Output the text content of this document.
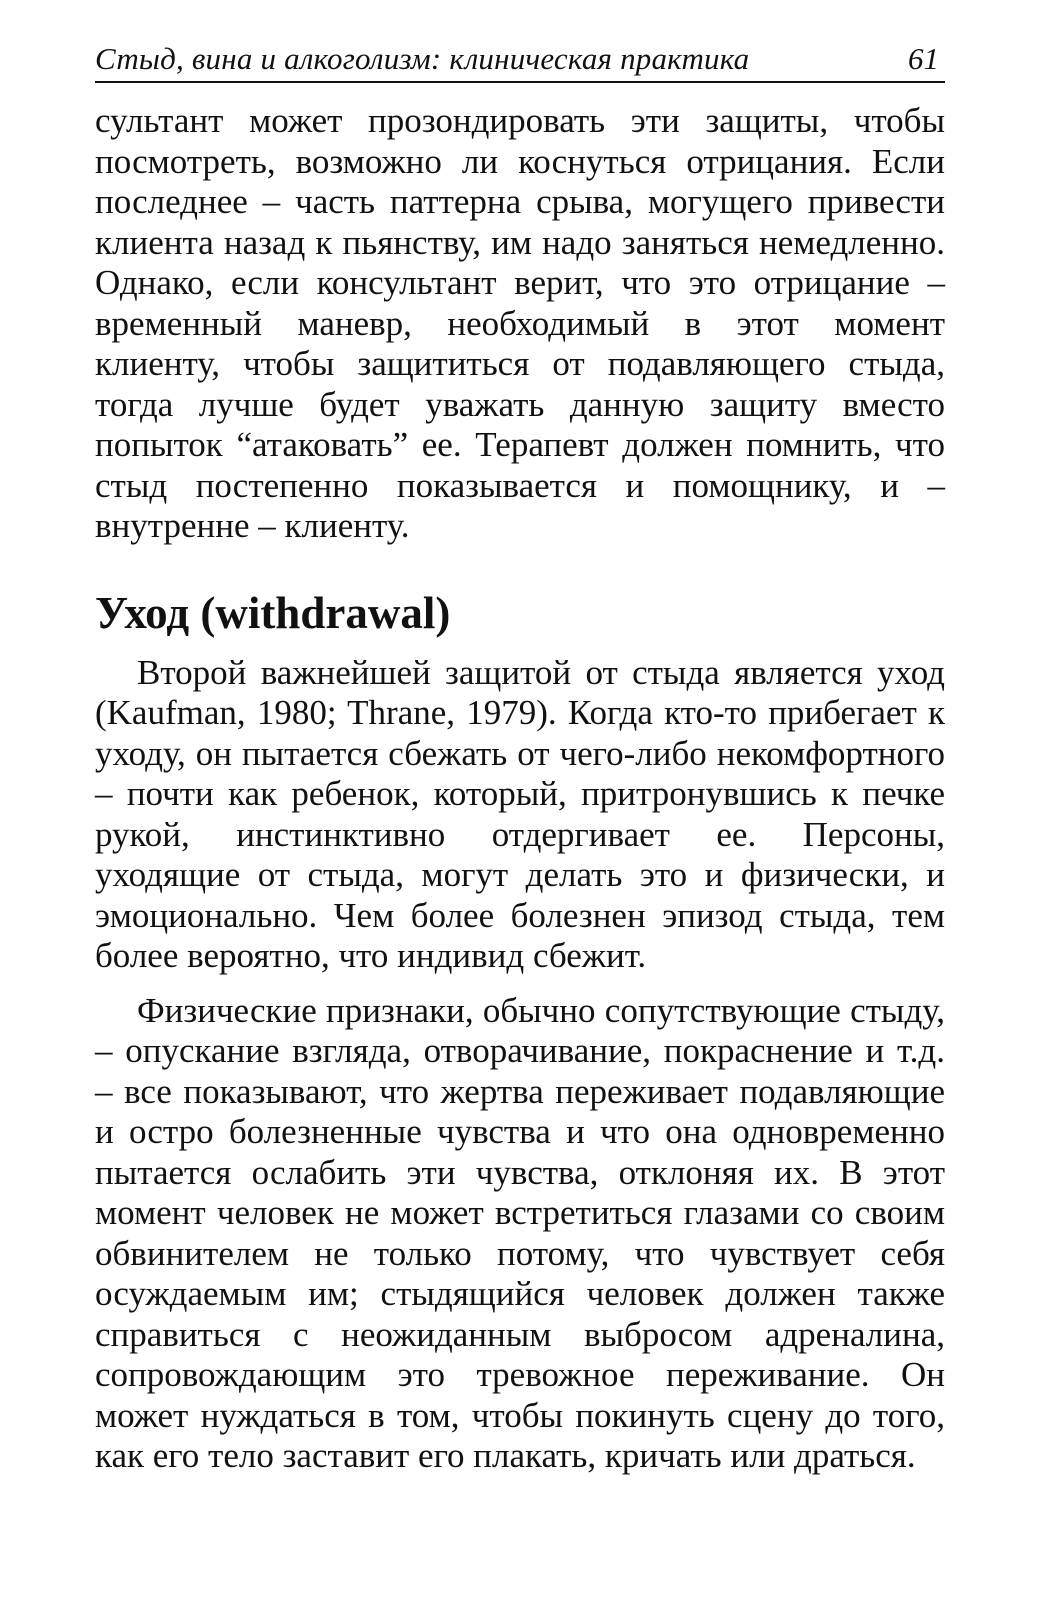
Стыд, вина и алкоголизм: клиническая практика	61

сультант может прозондировать эти защиты, чтобы посмотреть, возможно ли коснуться отрицания. Если последнее – часть паттерна срыва, могущего привести клиента назад к пьянству, им надо заняться немедленно. Однако, если консультант верит, что это отрицание – временный маневр, необходимый в этот момент клиенту, чтобы защититься от подавляющего стыда, тогда лучше будет уважать данную защиту вместо попыток “атаковать” ее. Терапевт должен помнить, что стыд постепенно показывается и помощнику, и – внутренне – клиенту.

Уход (withdrawal)

Второй важнейшей защитой от стыда является уход (Kaufman, 1980; Thrane, 1979). Когда кто-то прибегает к уходу, он пытается сбежать от чего-либо некомфортного – почти как ребенок, который, притронувшись к печке рукой, инстинктивно отдергивает ее. Персоны, уходящие от стыда, могут делать это и физически, и эмоционально. Чем более болезнен эпизод стыда, тем более вероятно, что индивид сбежит.

Физические признаки, обычно сопутствующие стыду, – опускание взгляда, отворачивание, покраснение и т.д. – все показывают, что жертва переживает подавляющие и остро болезненные чувства и что она одновременно пытается ослабить эти чувства, отклоняя их. В этот момент человек не может встретиться глазами со своим обвинителем не только потому, что чувствует себя осуждаемым им; стыдящийся человек должен также справиться с неожиданным выбросом адреналина, сопровождающим это тревожное переживание. Он может нуждаться в том, чтобы покинуть сцену до того, как его тело заставит его плакать, кричать или драться.
